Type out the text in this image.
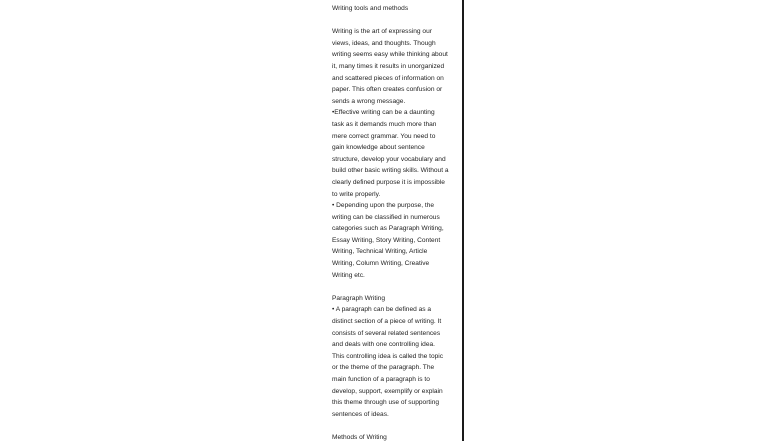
Writing tools and methods

Writing is the art of expressing our

views, ideas, and thoughts. Though

writing seems easy while thinking about

it, many times it results in unorganized

and scattered pieces of information on

paper. This often creates confusion or

sends a wrong message.

•Effective writing can be a daunting

task as it demands much more than

mere correct grammar. You need to

gain knowledge about sentence

structure, develop your vocabulary and

build other basic writing skills. Without a

clearly defined purpose it is impossible

to write properly.

• Depending upon the purpose, the

writing can be classified in numerous

categories such as Paragraph Writing,

Essay Writing, Story Writing, Content

Writing, Technical Writing, Article

Writing, Column Writing, Creative

Writing etc.

Paragraph Writing

• A paragraph can be defined as a

distinct section of a piece of writing. It

consists of several related sentences

and deals with one controlling idea.

This controlling idea is called the topic

or the theme of the paragraph. The

main function of a paragraph is to

develop, support, exemplify or explain

this theme through use of supporting

sentences of ideas.

Methods of Writing
